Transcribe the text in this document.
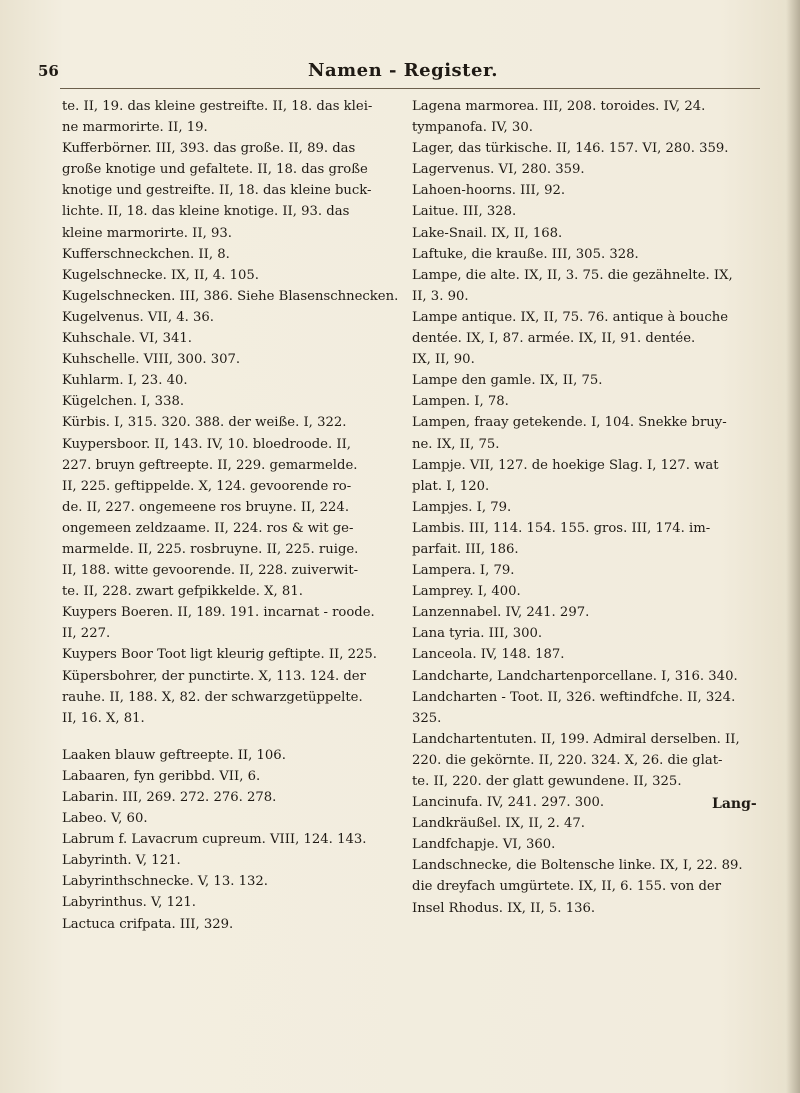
56	Namen - Register.

te. II, 19. das kleine gestreifte. II, 18. das klei-

ne marmorirte. II, 19.

Kufferbörner. III, 393. das große. II, 89. das

große knotige und gefaltete. II, 18. das große

knotige und gestreifte. II, 18. das kleine buck-

lichte. II, 18. das kleine knotige. II, 93. das

kleine marmorirte. II, 93.

Kufferschneckchen. II, 8.

Kugelschnecke. IX, II, 4. 105.

Kugelschnecken. III, 386. Siehe Blasenschnecken.

Kugelvenus. VII, 4. 36.

Kuhschale. VI, 341.

Kuhschelle. VIII, 300. 307.

Kuhlarm. I, 23. 40.

Kügelchen. I, 338.

Kürbis. I, 315. 320. 388. der weiße. I, 322.

Kuypersboor. II, 143. IV, 10. bloedroode. II,

227. bruyn geftreepte. II, 229. gemarmelde.

II, 225. geftippelde. X, 124. gevoorende ro-

de. II, 227. ongemeene ros bruyne. II, 224.

ongemeen zeldzaame. II, 224. ros & wit ge-

marmelde. II, 225. rosbruyne. II, 225. ruige.

II, 188. witte gevoorende. II, 228. zuiverwit-

te. II, 228. zwart gefpikkelde. X, 81.

Kuypers Boeren. II, 189. 191. incarnat - roode.

II, 227.

Kuypers Boor Toot ligt kleurig geftipte. II, 225.

Küpersbohrer, der punctirte. X, 113. 124. der

rauhe. II, 188. X, 82. der schwarzgetüppelte.

II, 16. X, 81.

Laaken blauw geftreepte. II, 106.

Labaaren, fyn geribbd. VII, 6.

Labarin. III, 269. 272. 276. 278.

Labeo. V, 60.

Labrum f. Lavacrum cupreum. VIII, 124. 143.

Labyrinth. V, 121.

Labyrinthschnecke. V, 13. 132.

Labyrinthus. V, 121.

Lactuca crifpata. III, 329.

Lagena marmorea. III, 208. toroides. IV, 24.

tympanofa. IV, 30.

Lager, das türkische. II, 146. 157. VI, 280. 359.

Lagervenus. VI, 280. 359.

Lahoen-hoorns. III, 92.

Laitue. III, 328.

Lake-Snail. IX, II, 168.

Laftuke, die krauße. III, 305. 328.

Lampe, die alte. IX, II, 3. 75. die gezähnelte. IX,

II, 3. 90.

Lampe antique. IX, II, 75. 76. antique à bouche

dentée. IX, I, 87. armée. IX, II, 91. dentée.

IX, II, 90.

Lampe den gamle. IX, II, 75.

Lampen. I, 78.

Lampen, fraay getekende. I, 104. Snekke bruy-

ne. IX, II, 75.

Lampje. VII, 127. de hoekige Slag. I, 127. wat

plat. I, 120.

Lampjes. I, 79.

Lambis. III, 114. 154. 155. gros. III, 174. im-

parfait. III, 186.

Lampera. I, 79.

Lamprey. I, 400.

Lanzennabel. IV, 241. 297.

Lana tyria. III, 300.

Lanceola. IV, 148. 187.

Landcharte, Landchartenporcellane. I, 316. 340.

Landcharten - Toot. II, 326. weftindfche. II, 324.

325.

Landchartentuten. II, 199. Admiral derselben. II,

220. die gekörnte. II, 220. 324. X, 26. die glat-

te. II, 220. der glatt gewundene. II, 325.

Lancinufa. IV, 241. 297. 300.

Landkräußel. IX, II, 2. 47.

Landfchapje. VI, 360.

Landschnecke, die Boltensche linke. IX, I, 22. 89.

die dreyfach umgürtete. IX, II, 6. 155. von der

Insel Rhodus. IX, II, 5. 136.

Lang-
